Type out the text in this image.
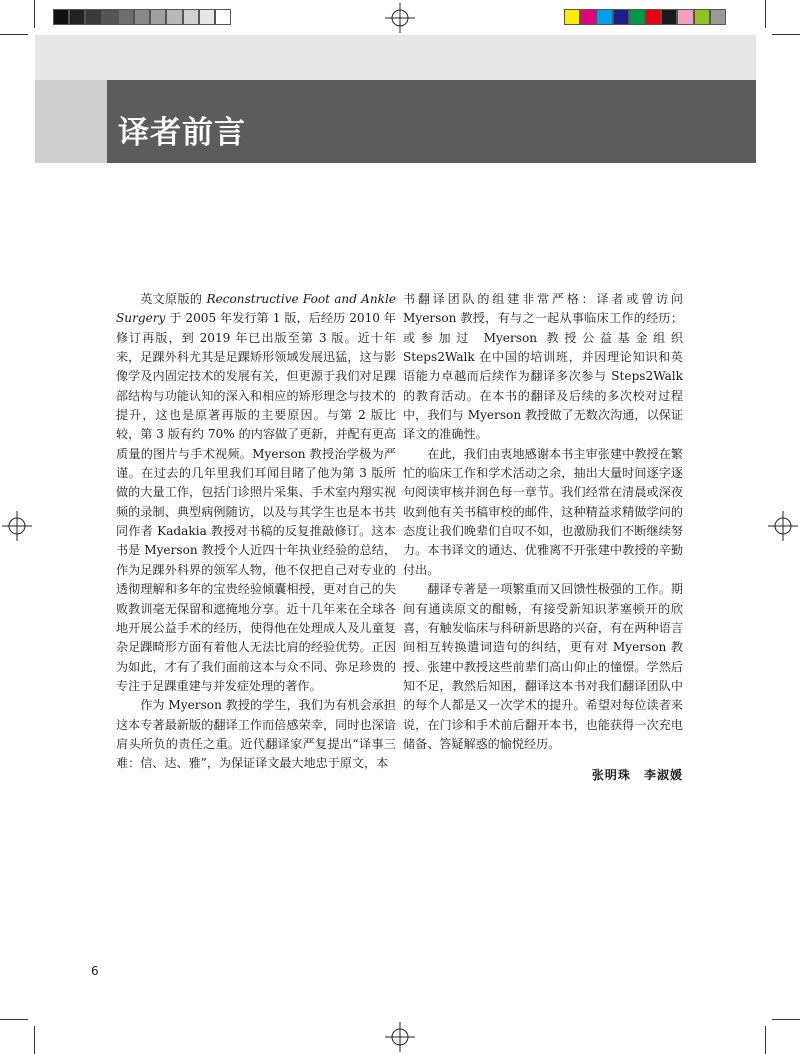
译者前言

英文原版的 Reconstructive Foot and Ankle Surgery 于 2005 年发行第 1 版，后经历 2010 年修订再版，到 2019 年已出版至第 3 版。近十年来，足踝外科尤其是足踝矫形领域发展迅猛，这与影像学及内固定技术的发展有关，但更源于我们对足踝部结构与功能认知的深入和相应的矫形理念与技术的提升，这也是原著再版的主要原因。与第 2 版比较，第 3 版有约 70% 的内容做了更新，并配有更高质量的图片与手术视频。Myerson 教授治学极为严谨。在过去的几年里我们耳闻目睹了他为第 3 版所做的大量工作，包括门诊照片采集、手术室内翔实视频的录制、典型病例随访，以及与其学生也是本书共同作者 Kadakia 教授对书稿的反复推敲修订。这本书是 Myerson 教授个人近四十年执业经验的总结，作为足踝外科界的领军人物，他不仅把自己对专业的透彻理解和多年的宝贵经验倾囊相授，更对自己的失败教训毫无保留和遮掩地分享。近十几年来在全球各地开展公益手术的经历，使得他在处理成人及儿童复杂足踝畸形方面有着他人无法比肩的经验优势。正因为如此，才有了我们面前这本与众不同、弥足珍贵的专注于足踝重建与并发症处理的著作。

作为 Myerson 教授的学生，我们为有机会承担这本专著最新版的翻译工作而倍感荣幸，同时也深谙肩头所负的责任之重。近代翻译家严复提出“译事三难：信、达、雅”，为保证译文最大地忠于原文，本

书翻译团队的组建非常严格：译者或曾访问 Myerson 教授，有与之一起从事临床工作的经历；或参加过 Myerson 教授公益基金组织 Steps2Walk 在中国的培训班，并因理论知识和英语能力卓越而后续作为翻译多次参与 Steps2Walk 的教育活动。在本书的翻译及后续的多次校对过程中，我们与 Myerson 教授做了无数次沟通，以保证译文的准确性。

在此，我们由衷地感谢本书主审张建中教授在繁忙的临床工作和学术活动之余，抽出大量时间逐字逐句阅读审核并润色每一章节。我们经常在清晨或深夜收到他有关书稿审校的邮件，这种精益求精做学问的态度让我们晚辈们自叹不如，也激励我们不断继续努力。本书译文的通达、优雅离不开张建中教授的辛勤付出。

翻译专著是一项繁重而又回馈性极强的工作。期间有通读原文的酣畅，有接受新知识茅塞顿开的欣喜，有触发临床与科研新思路的兴奋，有在两种语言间相互转换遣词造句的纠结，更有对 Myerson 教授、张建中教授这些前辈们高山仰止的憧憬。学然后知不足，教然后知困，翻译这本书对我们翻译团队中的每个人都是又一次学术的提升。希望对每位读者来说，在门诊和手术前后翻开本书，也能获得一次充电储备、答疑解惑的愉悦经历。

张明珠 李淑媛
6
